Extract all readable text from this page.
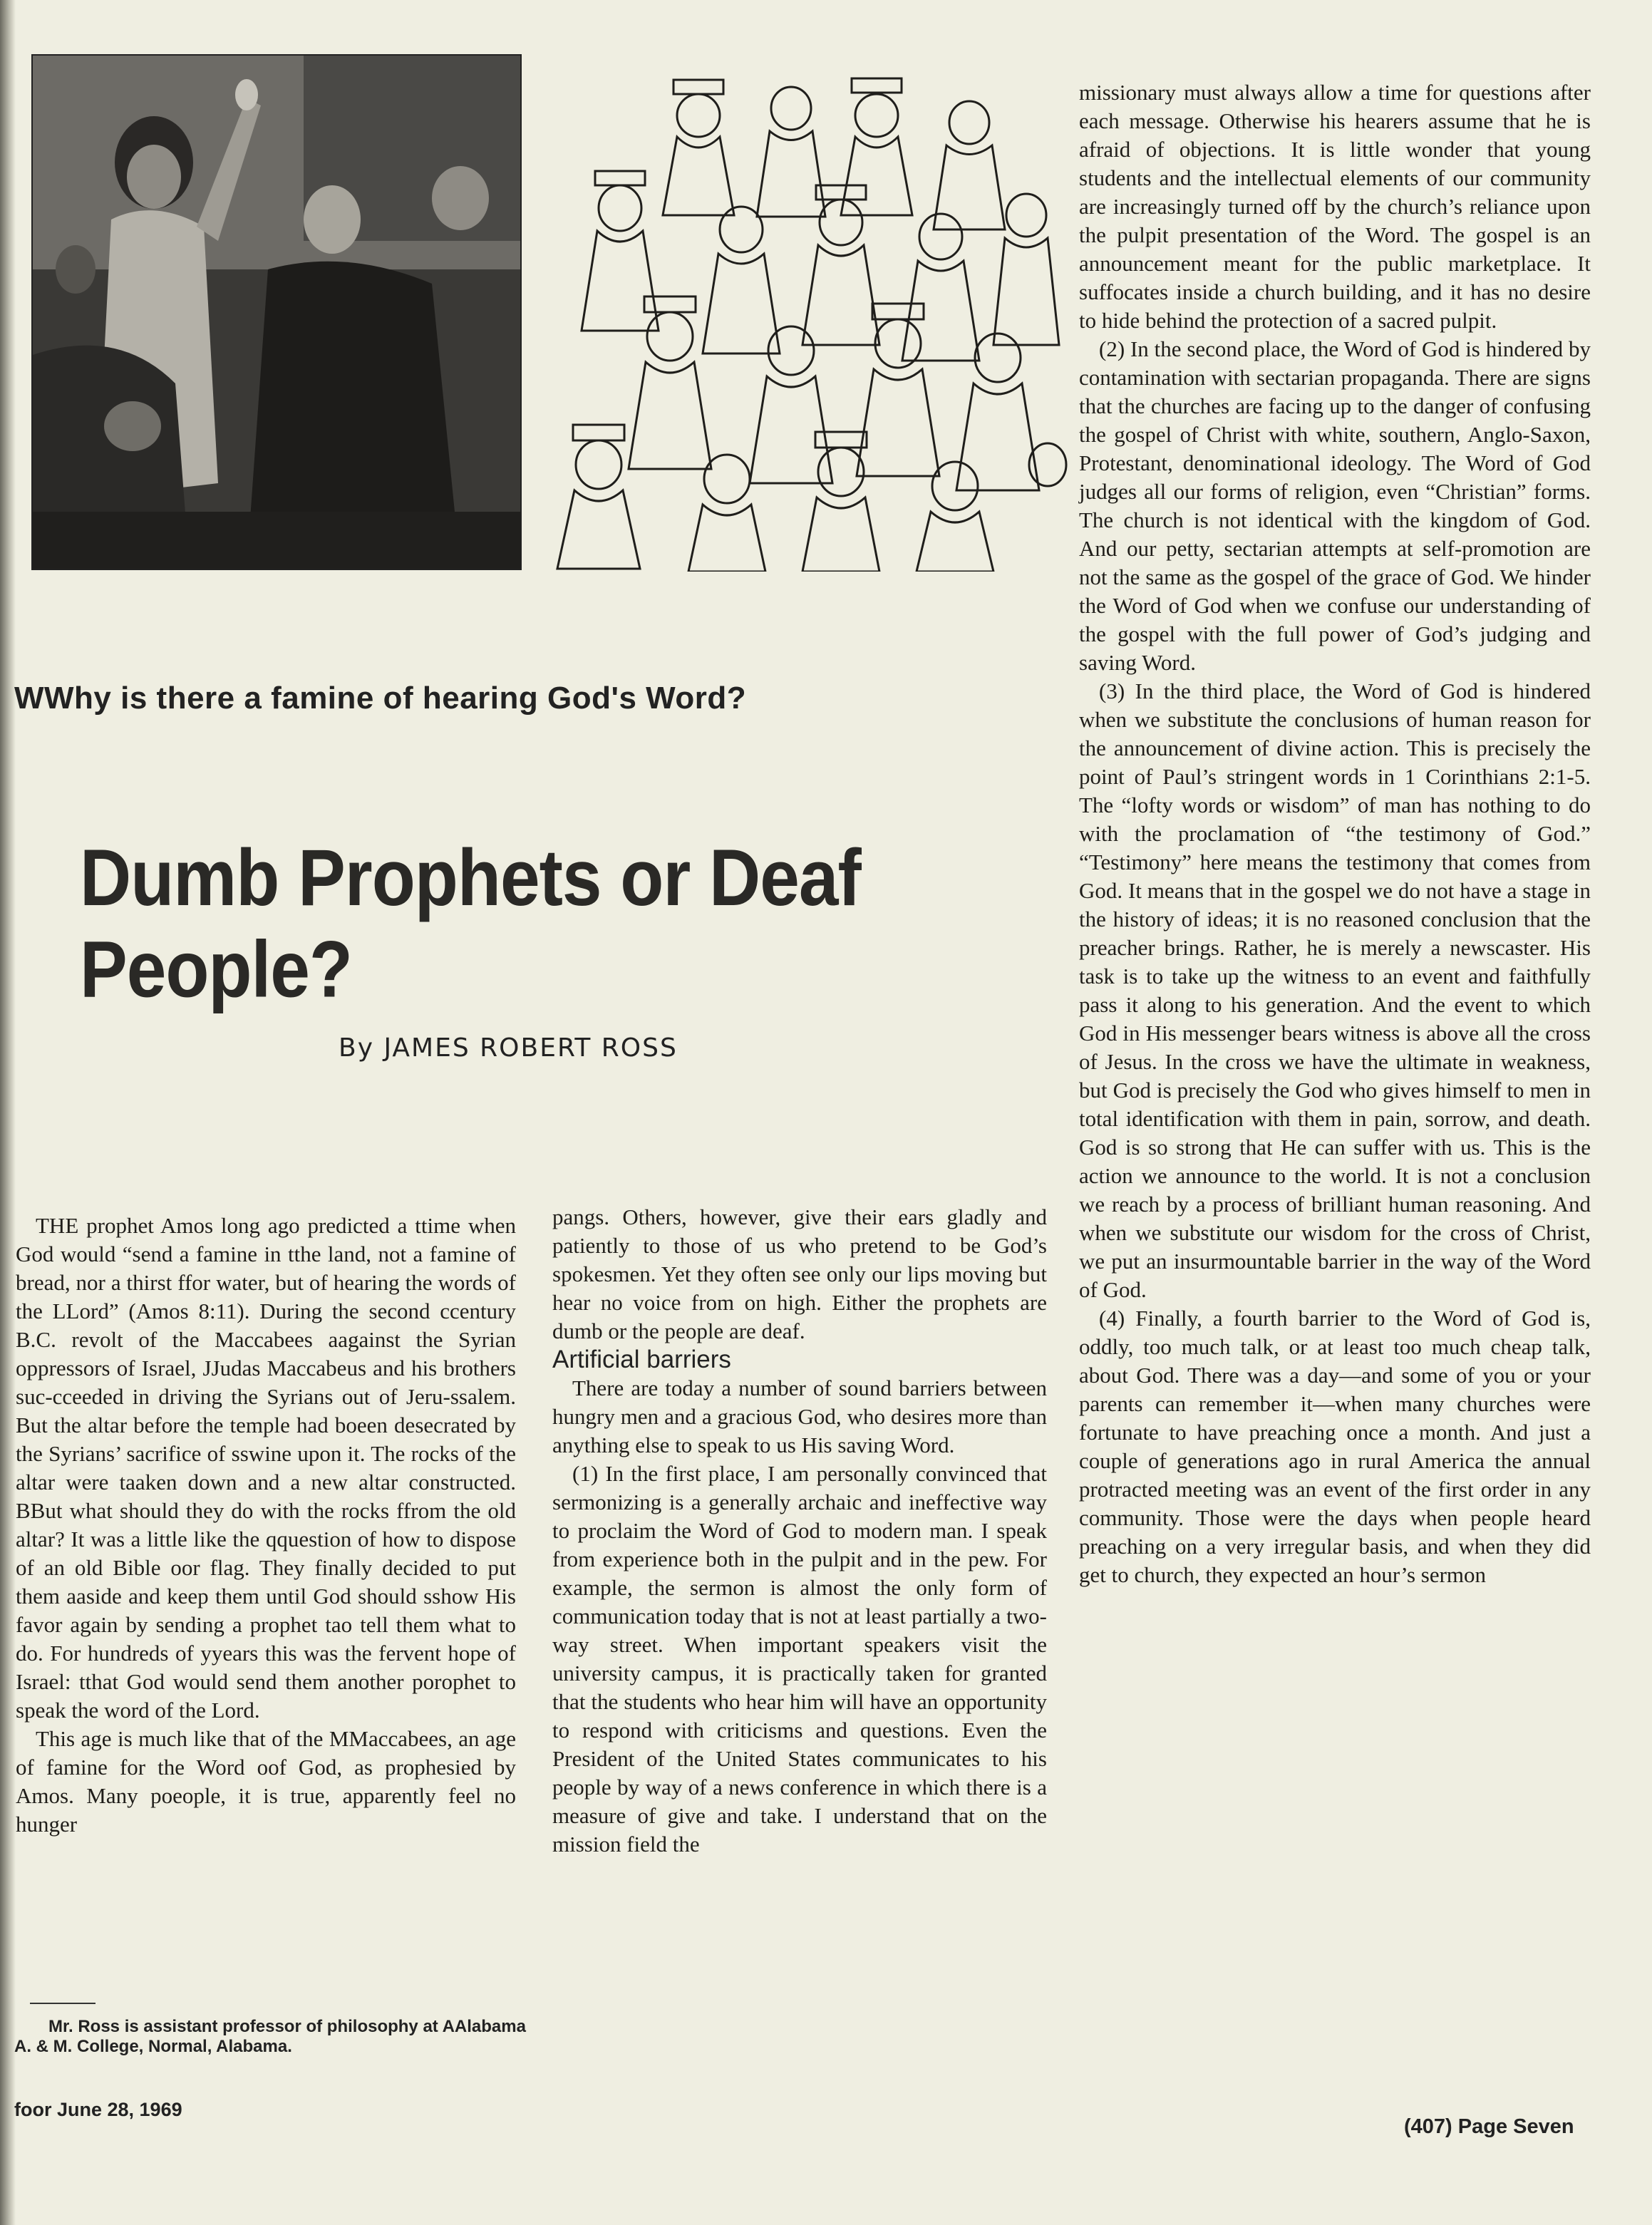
WWhy is there a famine of hearing God's Word?
Dumb Prophets or Deaf People?
By JAMES ROBERT ROSS

THE prophet Amos long ago predicted a ttime when God would “send a famine in tthe land, not a famine of bread, nor a thirst ffor water, but of hearing the words of the LLord” (Amos 8:11). During the second ccentury B.C. revolt of the Maccabees aagainst the Syrian oppressors of Israel, JJudas Maccabeus and his brothers suc-cceeded in driving the Syrians out of Jeru-ssalem. But the altar before the temple had boeen desecrated by the Syrians’ sacrifice of sswine upon it. The rocks of the altar were taaken down and a new altar constructed. BBut what should they do with the rocks ffrom the old altar? It was a little like the qquestion of how to dispose of an old Bible oor flag. They finally decided to put them aaside and keep them until God should sshow His favor again by sending a prophet tao tell them what to do. For hundreds of yyears this was the fervent hope of Israel: tthat God would send them another porophet to speak the word of the Lord.

This age is much like that of the MMaccabees, an age of famine for the Word oof God, as prophesied by Amos. Many poeople, it is true, apparently feel no hunger

pangs. Others, however, give their ears gladly and patiently to those of us who pretend to be God’s spokesmen. Yet they often see only our lips moving but hear no voice from on high. Either the prophets are dumb or the people are deaf.

Artificial barriers

There are today a number of sound barriers between hungry men and a gracious God, who desires more than anything else to speak to us His saving Word.

(1) In the first place, I am personally convinced that sermonizing is a generally archaic and ineffective way to proclaim the Word of God to modern man. I speak from experience both in the pulpit and in the pew. For example, the sermon is almost the only form of communication today that is not at least partially a two-way street. When important speakers visit the university campus, it is practically taken for granted that the students who hear him will have an opportunity to respond with criticisms and questions. Even the President of the United States communicates to his people by way of a news conference in which there is a measure of give and take. I understand that on the mission field the

missionary must always allow a time for questions after each message. Otherwise his hearers assume that he is afraid of objections. It is little wonder that young students and the intellectual elements of our community are increasingly turned off by the church’s reliance upon the pulpit presentation of the Word. The gospel is an announcement meant for the public marketplace. It suffocates inside a church building, and it has no desire to hide behind the protection of a sacred pulpit.

(2) In the second place, the Word of God is hindered by contamination with sectarian propaganda. There are signs that the churches are facing up to the danger of confusing the gospel of Christ with white, southern, Anglo-Saxon, Protestant, denominational ideology. The Word of God judges all our forms of religion, even “Christian” forms. The church is not identical with the kingdom of God. And our petty, sectarian attempts at self-promotion are not the same as the gospel of the grace of God. We hinder the Word of God when we confuse our understanding of the gospel with the full power of God’s judging and saving Word.

(3) In the third place, the Word of God is hindered when we substitute the conclusions of human reason for the announcement of divine action. This is precisely the point of Paul’s stringent words in 1 Corinthians 2:1-5. The “lofty words or wisdom” of man has nothing to do with the proclamation of “the testimony of God.” “Testimony” here means the testimony that comes from God. It means that in the gospel we do not have a stage in the history of ideas; it is no reasoned conclusion that the preacher brings. Rather, he is merely a newscaster. His task is to take up the witness to an event and faithfully pass it along to his generation. And the event to which God in His messenger bears witness is above all the cross of Jesus. In the cross we have the ultimate in weakness, but God is precisely the God who gives himself to men in total identification with them in pain, sorrow, and death. God is so strong that He can suffer with us. This is the action we announce to the world. It is not a conclusion we reach by a process of brilliant human reasoning. And when we substitute our wisdom for the cross of Christ, we put an insurmountable barrier in the way of the Word of God.

(4) Finally, a fourth barrier to the Word of God is, oddly, too much talk, or at least too much cheap talk, about God. There was a day—and some of you or your parents can remember it—when many churches were fortunate to have preaching once a month. And just a couple of generations ago in rural America the annual protracted meeting was an event of the first order in any community. Those were the days when people heard preaching on a very irregular basis, and when they did get to church, they expected an hour’s sermon

Mr. Ross is assistant professor of philosophy at AAlabama A. & M. College, Normal, Alabama.

foor June 28, 1969
(407) Page Seven
